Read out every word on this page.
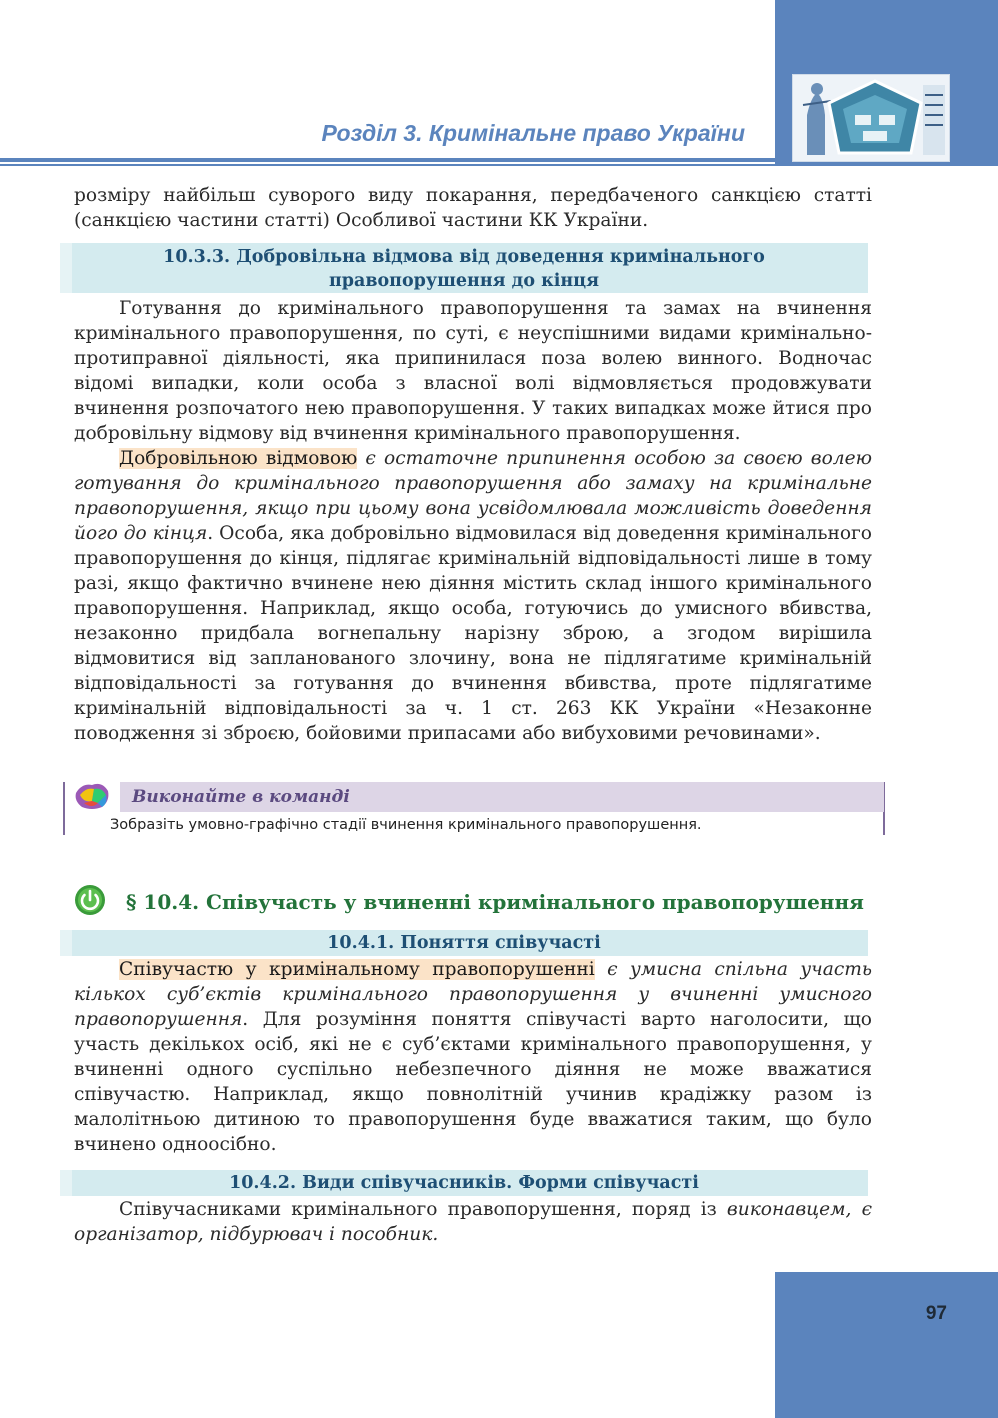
Розділ 3. Кримінальне право України
розміру найбільш суворого виду покарання, передбаченого санкцією статті (санкцією частини статті) Особливої частини КК України.
10.3.3. Добровільна відмова від доведення кримінального
правопорушення до кінця
Готування до кримінального правопорушення та замах на вчинення кримінального правопорушення, по суті, є неуспішними видами кримінально-протиправної діяльності, яка припинилася поза волею винного. Водночас відомі випадки, коли особа з власної волі відмовляється продовжувати вчинення розпочатого нею правопорушення. У таких випадках може йтися про добровільну відмову від вчинення кримінального правопорушення.
Добровільною відмовою є остаточне припинення особою за своєю волею готування до кримінального правопорушення або замаху на кримінальне правопорушення, якщо при цьому вона усвідомлювала можливість доведення його до кінця. Особа, яка добровільно відмовилася від доведення кримінального правопорушення до кінця, підлягає кримінальній відповідальності лише в тому разі, якщо фактично вчинене нею діяння містить склад іншого кримінального правопорушення. Наприклад, якщо особа, готуючись до умисного вбивства, незаконно придбала вогнепальну нарізну зброю, а згодом вирішила відмовитися від запланованого злочину, вона не підлягатиме кримінальній відповідальності за готування до вчинення вбивства, проте підлягатиме кримінальній відповідальності за ч. 1 ст. 263 КК України «Незаконне поводження зі зброєю, бойовими припасами або вибуховими речовинами».
Виконайте в команді
Зобразіть умовно-графічно стадії вчинення кримінального правопорушення.
§ 10.4. Співучасть у вчиненні кримінального правопорушення
10.4.1. Поняття співучасті
Співучастю у кримінальному правопорушенні є умисна спільна участь кількох суб’єктів кримінального правопорушення у вчиненні умисного правопорушення. Для розуміння поняття співучасті варто наголосити, що участь декількох осіб, які не є суб’єктами кримінального правопорушення, у вчиненні одного суспільно небезпечного діяння не може вважатися співучастю. Наприклад, якщо повнолітній учинив крадіжку разом із малолітньою дитиною то правопорушення буде вважатися таким, що було вчинено одноосібно.
10.4.2. Види співучасників. Форми співучасті
Співучасниками кримінального правопорушення, поряд із виконавцем, є організатор, підбурювач і пособник.
97
